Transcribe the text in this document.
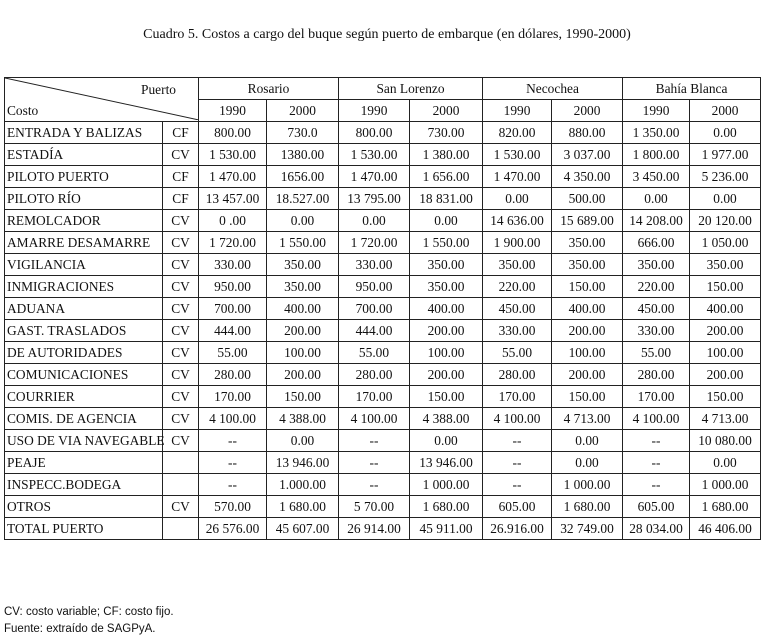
Cuadro 5. Costos a cargo del buque según puerto de embarque (en dólares, 1990-2000)
Puerto
Costo		Rosario		San Lorenzo		Necochea		Bahía Blanca	
		1990	2000	1990	2000	1990	2000	1990	2000
ENTRADA Y BALIZAS	CF	800.00	730.0	800.00	730.00	820.00	880.00	1 350.00	0.00
ESTADÍA	CV	1 530.00	1380.00	1 530.00	1 380.00	1 530.00	3 037.00	1 800.00	1 977.00
PILOTO PUERTO	CF	1 470.00	1656.00	1 470.00	1 656.00	1 470.00	4 350.00	3 450.00	5 236.00
PILOTO RÍO	CF	13 457.00	18.527.00	13 795.00	18 831.00	0.00	500.00	0.00	0.00
REMOLCADOR	CV	0 .00	0.00	0.00	0.00	14 636.00	15 689.00	14 208.00	20 120.00
AMARRE DESAMARRE	CV	1 720.00	1 550.00	1 720.00	1 550.00	1 900.00	350.00	666.00	1 050.00
VIGILANCIA	CV	330.00	350.00	330.00	350.00	350.00	350.00	350.00	350.00
INMIGRACIONES	CV	950.00	350.00	950.00	350.00	220.00	150.00	220.00	150.00
ADUANA	CV	700.00	400.00	700.00	400.00	450.00	400.00	450.00	400.00
GAST. TRASLADOS	CV	444.00	200.00	444.00	200.00	330.00	200.00	330.00	200.00
DE AUTORIDADES	CV	55.00	100.00	55.00	100.00	55.00	100.00	55.00	100.00
COMUNICACIONES	CV	280.00	200.00	280.00	200.00	280.00	200.00	280.00	200.00
COURRIER	CV	170.00	150.00	170.00	150.00	170.00	150.00	170.00	150.00
COMIS. DE AGENCIA	CV	4 100.00	4 388.00	4 100.00	4 388.00	4 100.00	4 713.00	4 100.00	4 713.00
USO DE VIA NAVEGABLE	CV	--	0.00	--	0.00	--	0.00	--	10 080.00
PEAJE		--	13 946.00	--	13 946.00	--	0.00	--	0.00
INSPECC.BODEGA		--	1.000.00	--	1 000.00	--	1 000.00	--	1 000.00
OTROS	CV	570.00	1 680.00	5 70.00	1 680.00	605.00	1 680.00	605.00	1 680.00
TOTAL PUERTO		26 576.00	45 607.00	26 914.00	45 911.00	26.916.00	32 749.00	28 034.00	46 406.00
CV: costo variable; CF: costo fijo.
Fuente: extraído de SAGPyA.
